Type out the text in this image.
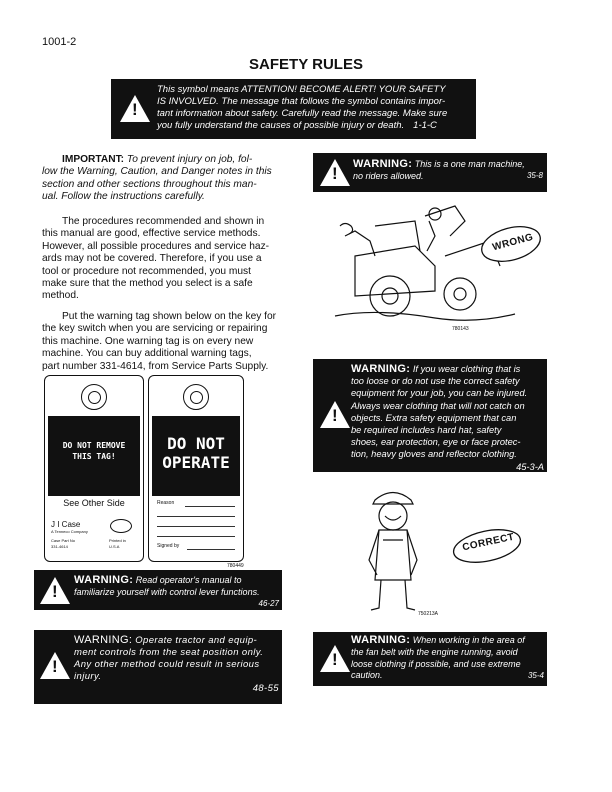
1001-2
SAFETY RULES
!
This symbol means ATTENTION! BECOME ALERT! YOUR SAFETY
IS INVOLVED. The message that follows the symbol contains impor-
tant information about safety. Carefully read the message. Make sure
you fully understand the causes of possible injury or death. 1-1-C
IMPORTANT: To prevent injury on job, fol-
low the Warning, Caution, and Danger notes in this
section and other sections throughout this man-
ual. Follow the instructions carefully.
The procedures recommended and shown in
this manual are good, effective service methods.
However, all possible procedures and service haz-
ards may not be covered. Therefore, if you use a
tool or procedure not recommended, you must
make sure that the method you select is a safe
method.
Put the warning tag shown below on the key for
the key switch when you are servicing or repairing
this machine. One warning tag is on every new
machine. You can buy additional warning tags,
part number 331-4614, from Service Parts Supply.
DO NOT REMOVE
THIS TAG!
See Other Side
J I Case
A Tenneco Company
Case Part No
331-4614
Printed in
U.S.A
DO NOT
OPERATE
Reason
Signed by
780449
! WARNING: This is a one man machine,
no riders allowed.	35-8
WRONG
780143
!
WARNING: If you wear clothing that is
too loose or do not use the correct safety
equipment for your job, you can be injured.
Always wear clothing that will not catch on
objects. Extra safety equipment that can
be required includes hard hat, safety
shoes, ear protection, eye or face protec-
tion, heavy gloves and reflector clothing.
45-3-A
CORRECT
750213A
!
WARNING: Read operator's manual to
familiarize yourself with control lever functions.
46-27
!
WARNING: Operate tractor and equip-
ment controls from the seat position only.
Any other method could result in serious
injury.
48-55
!
WARNING: When working in the area of
the fan belt with the engine running, avoid
loose clothing if possible, and use extreme
caution.	35-4
